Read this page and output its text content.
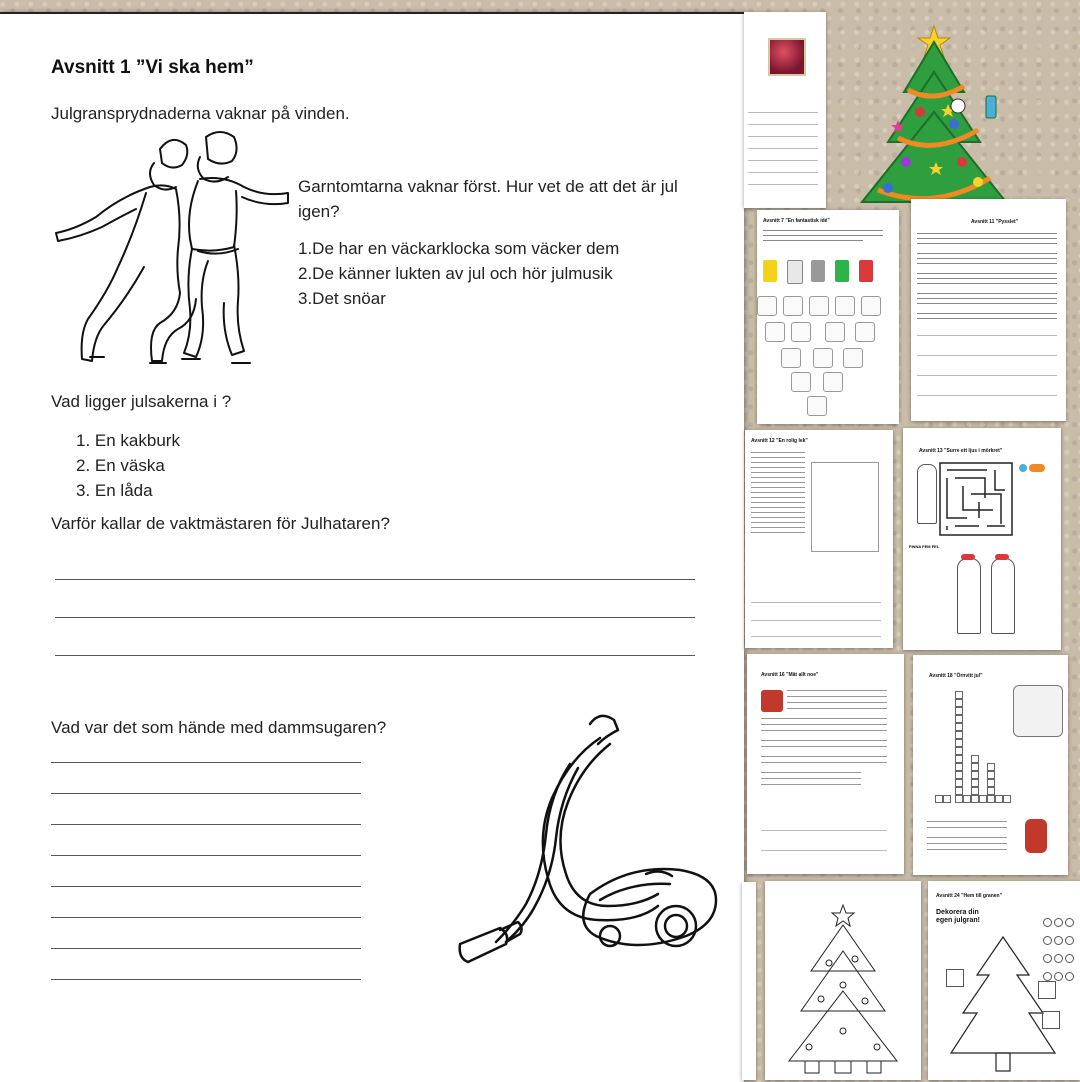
Avsnitt 1 ”Vi ska hem”
Julgransprydnaderna vaknar på vinden.
Garntomtarna vaknar först. Hur vet de att det är jul igen?
1.De har en väckarklocka som väcker dem
2.De känner lukten av jul och hör julmusik
3.Det snöar
Vad ligger julsakerna i ?
1. En kakburk
2. En väska
3. En låda
Varför kallar de vaktmästaren för Julhataren?
Vad var det som hände med dammsugaren?
Avsnitt 7 "En fantastisk idé"	Avsnitt 11 "Pysslet"
Avsnitt 12 "En rolig lek"
Avsnitt 13 "Surre ett ljus i mörkret"
FINNA FEM FEL
Avsnitt 16 "Mät allt noe"	Avsnitt 18 "Örnvitt jul"
Avsnitt 24 "Hem till granen"
Dekorera din egen julgran!
